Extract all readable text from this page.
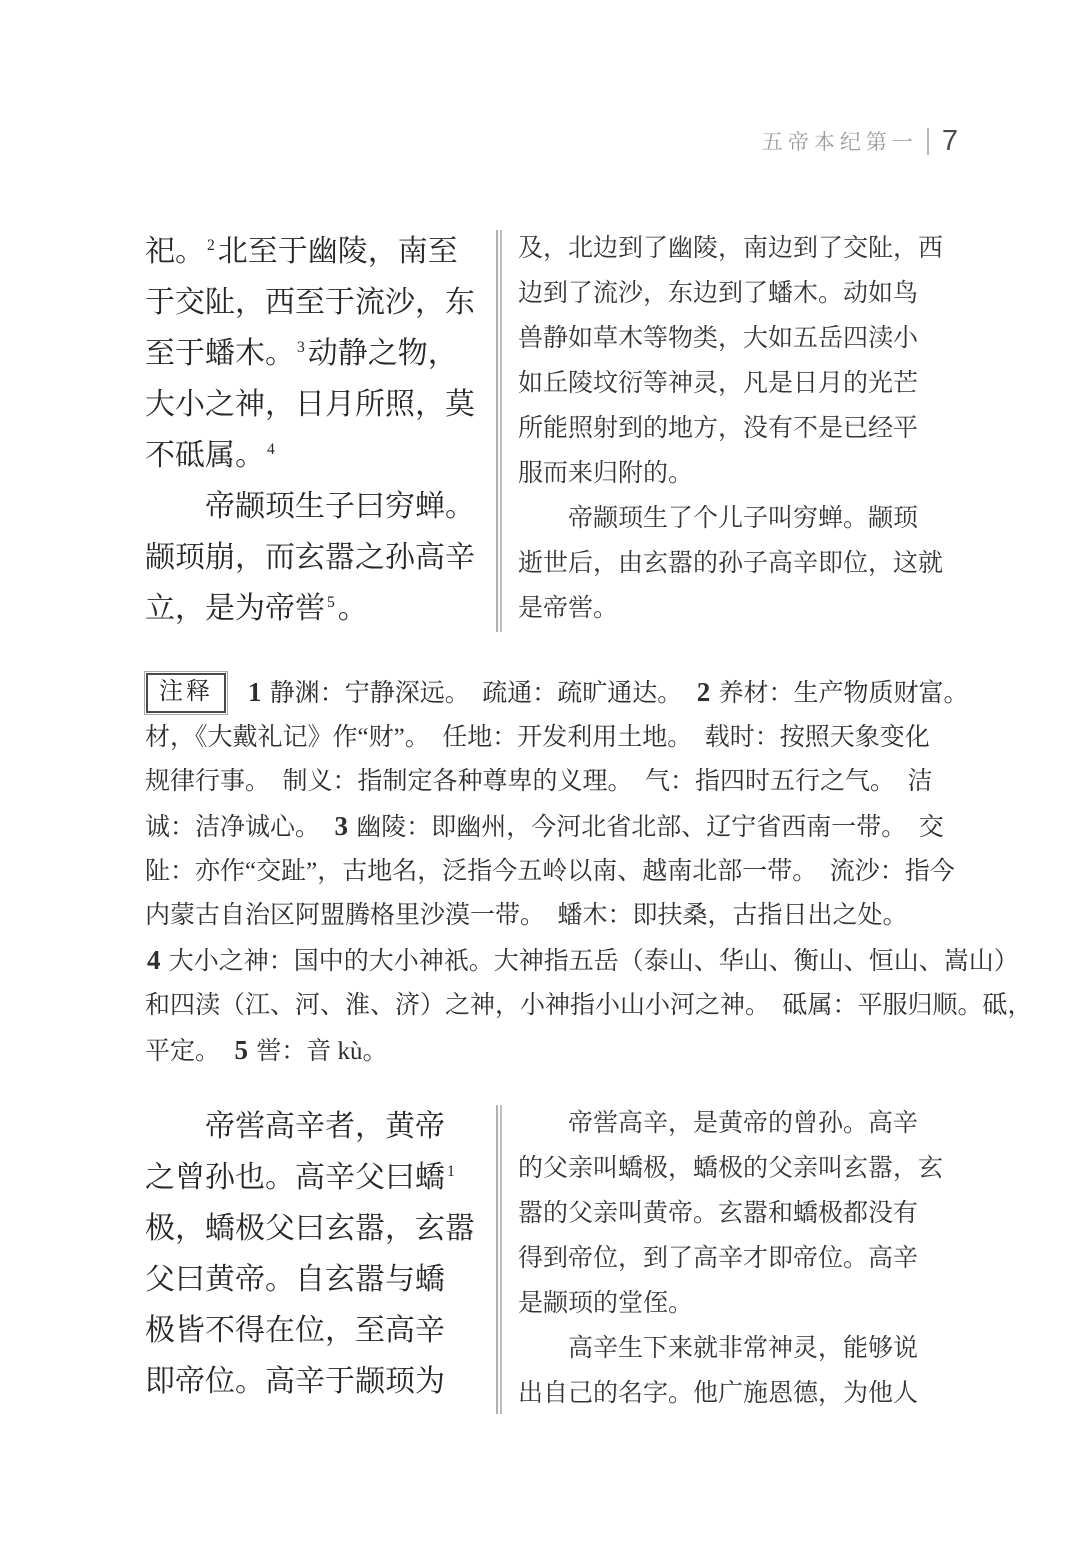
五帝本纪第一 7
祀。 $^2$ 北至于幽陵，南至
于交阯，西至于流沙，东
至于蟠木。 $^3$ 动静之物，
大小之神，日月所照，莫
不砥属。 $^4$
帝颛顼生子曰穷蝉。
颛顼崩，而玄嚣之孙高辛
立，是为帝喾 $^5$ 。
及，北边到了幽陵，南边到了交阯，西
边到了流沙，东边到了蟠木。动如鸟
兽静如草木等物类，大如五岳四渎小
如丘陵坟衍等神灵，凡是日月的光芒
所能照射到的地方，没有不是已经平
服而来归附的。
帝颛顼生了个儿子叫穷蝉。颛顼
逝世后，由玄嚣的孙子高辛即位，这就
是帝喾。
注释	1 静渊：宁静深远。　疏通：疏旷通达。　2 养材：生产物质财富。
材，《大戴礼记》作“财”。　任地：开发利用土地。　载时：按照天象变化
规律行事。　制义：指制定各种尊卑的义理。　气：指四时五行之气。　洁
诚：洁净诚心。　3 幽陵：即幽州，今河北省北部、辽宁省西南一带。　交
阯：亦作“交趾”，古地名，泛指今五岭以南、越南北部一带。　流沙：指今
内蒙古自治区阿盟腾格里沙漠一带。　蟠木：即扶桑，古指日出之处。
4 大小之神：国中的大小神祇。大神指五岳（泰山、华山、衡山、恒山、嵩山）
和四渎（江、河、淮、济）之神，小神指小山小河之神。　砥属：平服归顺。砥，
平定。　5 喾：音 kù。
帝喾高辛者，黄帝
之曾孙也。高辛父曰蟜 $^1$
极，蟜极父曰玄嚣，玄嚣
父曰黄帝。自玄嚣与蟜
极皆不得在位，至高辛
即帝位。高辛于颛顼为
帝喾高辛，是黄帝的曾孙。高辛
的父亲叫蟜极，蟜极的父亲叫玄嚣，玄
嚣的父亲叫黄帝。玄嚣和蟜极都没有
得到帝位，到了高辛才即帝位。高辛
是颛顼的堂侄。
高辛生下来就非常神灵，能够说
出自己的名字。他广施恩德，为他人
